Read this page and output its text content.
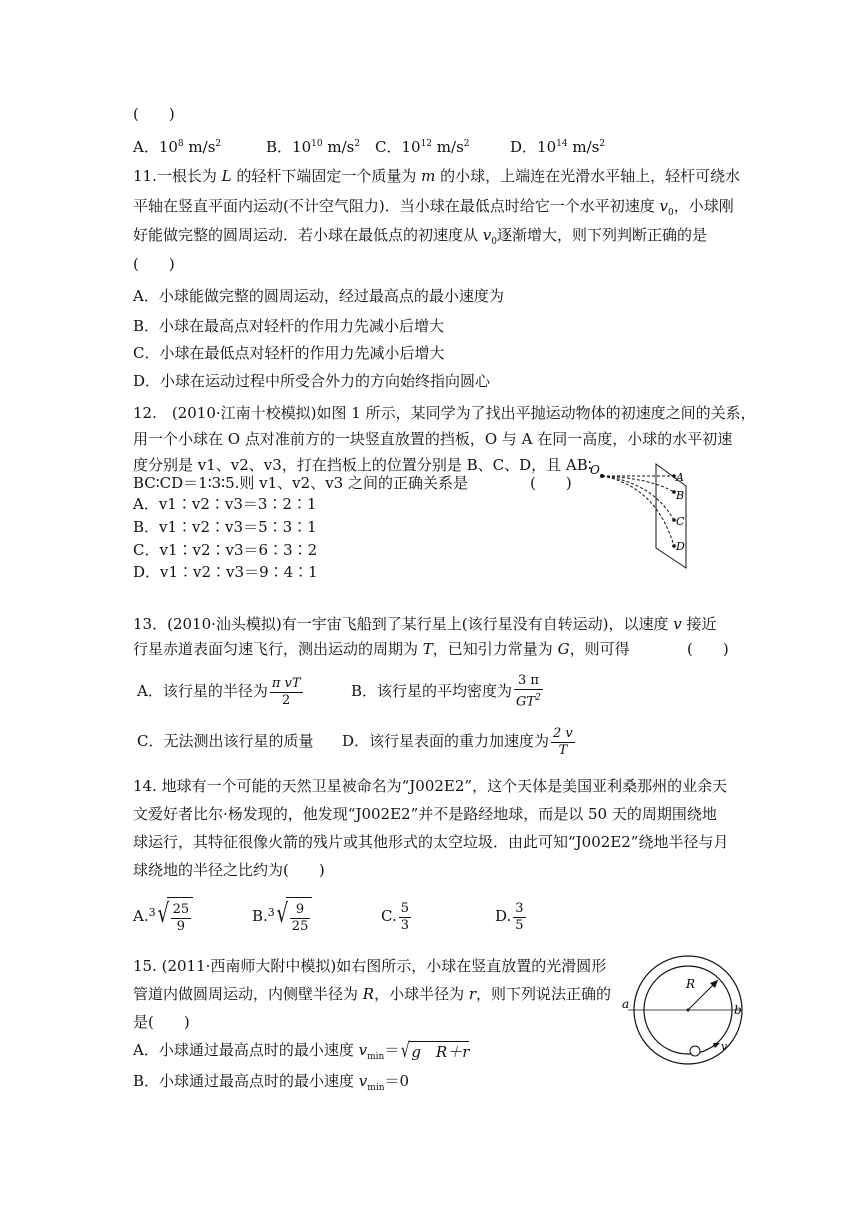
(　　)
A．$10^8$ $m/s^2$	B．$10^{10}$ $m/s^2$ C．$10^{12}$ $m/s^2$	D．$10^{14}$ $m/s^2$
11.一根长为 L 的轻杆下端固定一个质量为 m 的小球，上端连在光滑水平轴上，轻杆可绕水
平轴在竖直平面内运动(不计空气阻力)．当小球在最低点时给它一个水平初速度 $v_0$，小球刚
好能做完整的圆周运动．若小球在最低点的初速度从 $v_0$逐渐增大，则下列判断正确的是
(　　)
A．小球能做完整的圆周运动，经过最高点的最小速度为
B．小球在最高点对轻杆的作用力先减小后增大
C．小球在最低点对轻杆的作用力先减小后增大
D．小球在运动过程中所受合外力的方向始终指向圆心
12.　(2010·江南十校模拟)如图 1 所示，某同学为了找出平抛运动物体的初速度之间的关系，
用一个小球在 O 点对准前方的一块竖直放置的挡板，O 与 A 在同一高度，小球的水平初速
度分别是 v1、v2、v3，打在挡板上的位置分别是 B、C、D，且 AB∶
BC∶CD＝1∶3∶5.则 v1、v2、v3 之间的正确关系是	(　　)
A．v1∶v2∶v3＝3∶2∶1
B．v1∶v2∶v3＝5∶3∶1
C．v1∶v2∶v3＝6∶3∶2
D．v1∶v2∶v3＝9∶4∶1
O
A
B
C
D
13．(2010·汕头模拟)有一宇宙飞船到了某行星上(该行星没有自转运动)，以速度 v 接近
行星赤道表面匀速飞行，测出运动的周期为 T，已知引力常量为 G，则可得	(　　)
A．该行星的半径为 $\frac{\text{π vT}}{2}$	B．该行星的平均密度为 $\frac{3 \pi}{GT^2}$
C．无法测出该行星的质量 D．该行星表面的重力加速度为 $\frac{2 v}{T}$
14. 地球有一个可能的天然卫星被命名为“J002E2”，这个天体是美国亚利桑那州的业余天
文爱好者比尔·杨发现的，他发现“J002E2”并不是路经地球，而是以 50 天的周期围绕地
球运行，其特征很像火箭的残片或其他形式的太空垃圾．由此可知“J002E2”绕地半径与月
球绕地的半径之比约为(　　)
A. 3 √ $\frac{25}{9}$	B. 3 √ $\frac{9}{25}$	C. $\frac{5}{3}$	D. $\frac{3}{5}$
15. (2011·西南师大附中模拟)如右图所示，小球在竖直放置的光滑圆形
管道内做圆周运动，内侧壁半径为 R，小球半径为 r，则下列说法正确的
是(　　)
A．小球通过最高点时的最小速度 $v_{min}=$ √ g　R＋r
B．小球通过最高点时的最小速度 $v_{min}=0$
R
a	b
v
